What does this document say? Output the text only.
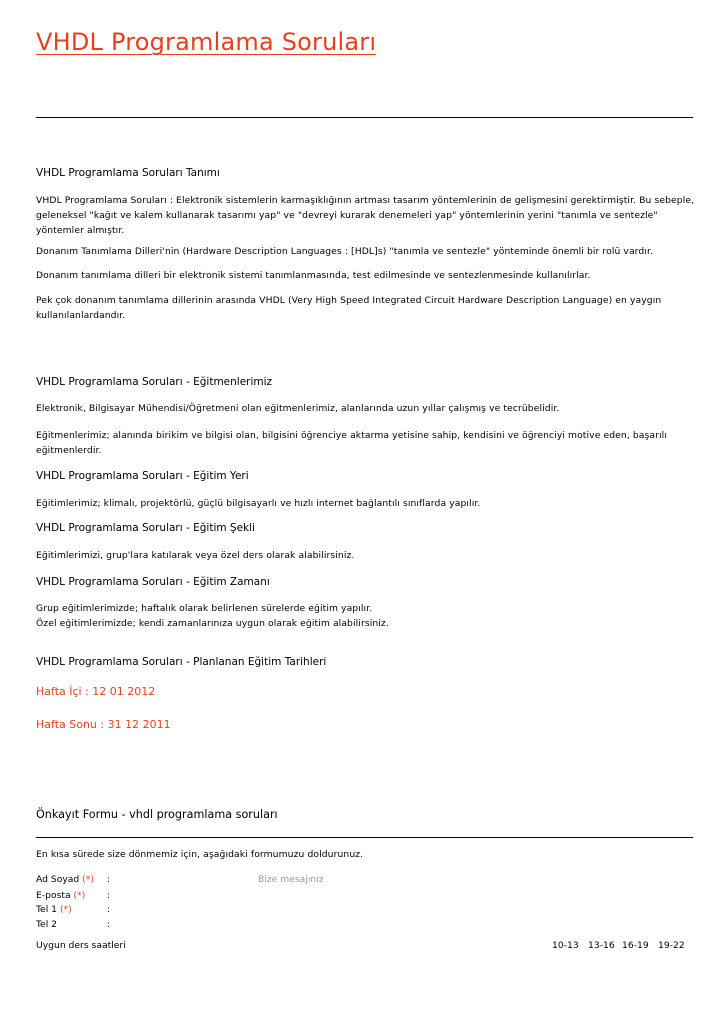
VHDL Programlama Soruları
VHDL Programlama Soruları Tanımı
VHDL Programlama Soruları : Elektronik sistemlerin karmaşıklığının artması tasarım yöntemlerinin de gelişmesini gerektirmiştir. Bu sebeple,
geleneksel "kağıt ve kalem kullanarak tasarımı yap" ve "devreyi kurarak denemeleri yap" yöntemlerinin yerini "tanımla ve sentezle"
yöntemler almıştır.
Donanım Tanımlama Dilleri'nin (Hardware Description Languages : [HDL]s) "tanımla ve sentezle" yönteminde önemli bir rolü vardır.
Donanım tanımlama dilleri bir elektronik sistemi tanımlanmasında, test edilmesinde ve sentezlenmesinde kullanılırlar.
Pek çok donanım tanımlama dillerinin arasında VHDL (Very High Speed Integrated Circuit Hardware Description Language) en yaygın
kullanılanlardandır.
VHDL Programlama Soruları - Eğitmenlerimiz
Elektronik, Bilgisayar Mühendisi/Öğretmeni olan eğitmenlerimiz, alanlarında uzun yıllar çalışmış ve tecrübelidir.
Eğitmenlerimiz; alanında birikim ve bilgisi olan, bilgisini öğrenciye aktarma yetisine sahip, kendisini ve öğrenciyi motive eden, başarılı
eğitmenlerdir.
VHDL Programlama Soruları - Eğitim Yeri
Eğitimlerimiz; klimalı, projektörlü, güçlü bilgisayarlı ve hızlı internet bağlantılı sınıflarda yapılır.
VHDL Programlama Soruları - Eğitim Şekli
Eğitimlerimizi, grup'lara katılarak veya özel ders olarak alabilirsiniz.
VHDL Programlama Soruları - Eğitim Zamanı
Grup eğitimlerimizde; haftalık olarak belirlenen sürelerde eğitim yapılır.
Özel eğitimlerimizde; kendi zamanlarınıza uygun olarak eğitim alabilirsiniz.
VHDL Programlama Soruları - Planlanan Eğitim Tarihleri
Hafta İçi : 12 01 2012
Hafta Sonu : 31 12 2011
Önkayıt Formu - vhdl programlama soruları
En kısa sürede size dönmemiz için, aşağıdaki formumuzu doldurunuz.
Ad Soyad (*) :	Bize mesajınız
E-posta (*) :
Tel 1 (*)	:
Tel 2	:
Uygun ders saatleri	10-13 13-16 16-19 19-22
